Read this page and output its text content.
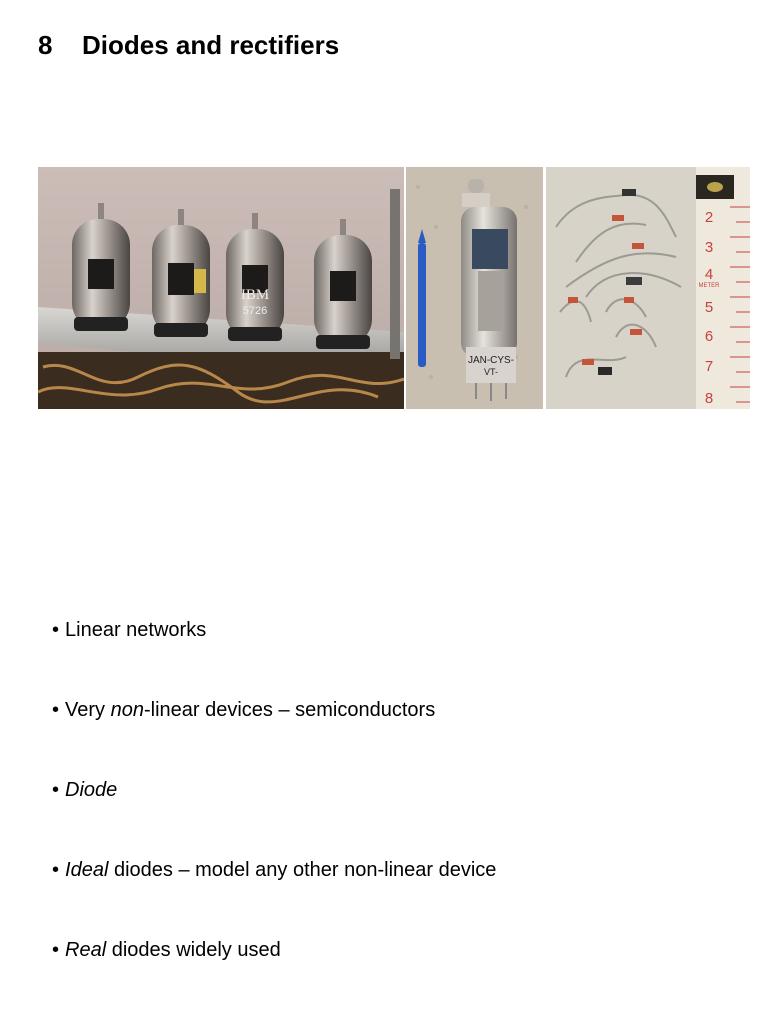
8 Diodes and rectifiers
IBM
5726
JAN-CYS-
VT-
2
3
4
5
6
7
8
METER
• Linear networks
• Very non-linear devices – semiconductors
• Diode
• Ideal diodes – model any other non-linear device
• Real diodes widely used
